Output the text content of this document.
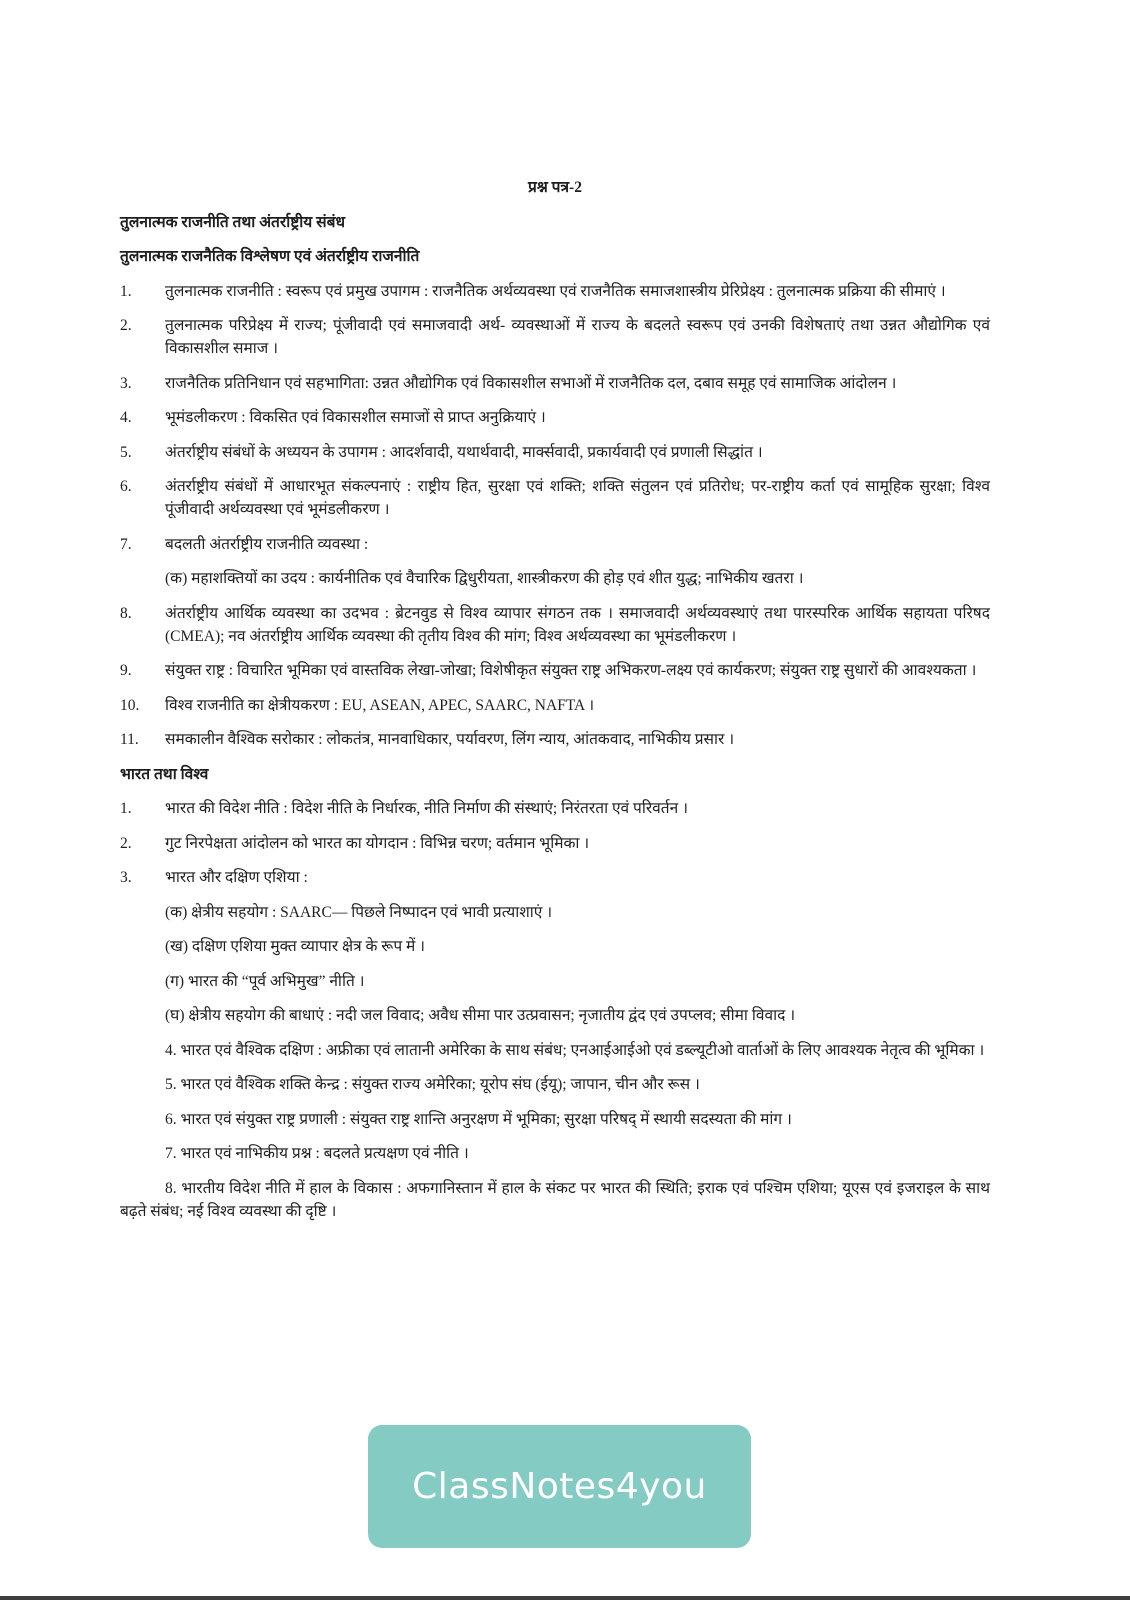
प्रश्न पत्र-2
तुलनात्मक राजनीति तथा अंतर्राष्ट्रीय संबंध
तुलनात्मक राजनैतिक विश्लेषण एवं अंतर्राष्ट्रीय राजनीति
1.	तुलनात्मक राजनीति : स्वरूप एवं प्रमुख उपागम : राजनैतिक अर्थव्यवस्था एवं राजनैतिक समाजशास्त्रीय प्रेरिप्रेक्ष्य : तुलनात्मक प्रक्रिया की सीमाएं ।
2.	तुलनात्मक परिप्रेक्ष्य में राज्य; पूंजीवादी एवं समाजवादी अर्थ- व्यवस्थाओं में राज्य के बदलते स्वरूप एवं उनकी विशेषताएं तथा उन्नत औद्योगिक एवं विकासशील समाज ।
3.	राजनैतिक प्रतिनिधान एवं सहभागिता: उन्नत औद्योगिक एवं विकासशील सभाओं में राजनैतिक दल, दबाव समूह एवं सामाजिक आंदोलन ।
4.	भूमंडलीकरण : विकसित एवं विकासशील समाजों से प्राप्त अनुक्रियाएं ।
5.	अंतर्राष्ट्रीय संबंधों के अध्ययन के उपागम : आदर्शवादी, यथार्थवादी, मार्क्सवादी, प्रकार्यवादी एवं प्रणाली सिद्धांत ।
6.	अंतर्राष्ट्रीय संबंधों में आधारभूत संकल्पनाएं : राष्ट्रीय हित, सुरक्षा एवं शक्ति; शक्ति संतुलन एवं प्रतिरोध; पर-राष्ट्रीय कर्ता एवं सामूहिक सुरक्षा; विश्व पूंजीवादी अर्थव्यवस्था एवं भूमंडलीकरण ।
7.	बदलती अंतर्राष्ट्रीय राजनीति व्यवस्था :
(क) महाशक्तियों का उदय : कार्यनीतिक एवं वैचारिक द्विधुरीयता, शास्त्रीकरण की होड़ एवं शीत युद्ध; नाभिकीय खतरा ।
8.	अंतर्राष्ट्रीय आर्थिक व्यवस्था का उदभव : ब्रेटनवुड से विश्व व्यापार संगठन तक । समाजवादी अर्थव्यवस्थाएं तथा पारस्परिक आर्थिक सहायता परिषद (CMEA); नव अंतर्राष्ट्रीय आर्थिक व्यवस्था की तृतीय विश्व की मांग; विश्व अर्थव्यवस्था का भूमंडलीकरण ।
9.	संयुक्त राष्ट्र : विचारित भूमिका एवं वास्तविक लेखा-जोखा; विशेषीकृत संयुक्त राष्ट्र अभिकरण-लक्ष्य एवं कार्यकरण; संयुक्त राष्ट्र सुधारों की आवश्यकता ।
10.	विश्व राजनीति का क्षेत्रीयकरण : EU, ASEAN, APEC, SAARC, NAFTA ।
11.	समकालीन वैश्विक सरोकार : लोकतंत्र, मानवाधिकार, पर्यावरण, लिंग न्याय, आंतकवाद, नाभिकीय प्रसार ।
भारत तथा विश्व
1.	भारत की विदेश नीति : विदेश नीति के निर्धारक, नीति निर्माण की संस्थाएं; निरंतरता एवं परिवर्तन ।
2.	गुट निरपेक्षता आंदोलन को भारत का योगदान : विभिन्न चरण; वर्तमान भूमिका ।
3.	भारत और दक्षिण एशिया :
(क) क्षेत्रीय सहयोग : SAARC— पिछले निष्पादन एवं भावी प्रत्याशाएं ।
(ख) दक्षिण एशिया मुक्त व्यापार क्षेत्र के रूप में ।
(ग) भारत की “पूर्व अभिमुख” नीति ।
(घ) क्षेत्रीय सहयोग की बाधाएं : नदी जल विवाद; अवैध सीमा पार उत्प्रवासन; नृजातीय द्वंद एवं उपप्लव; सीमा विवाद ।
4. भारत एवं वैश्विक दक्षिण : अफ्रीका एवं लातानी अमेरिका के साथ संबंध; एनआईआईओ एवं डब्ल्यूटीओ वार्ताओं के लिए आवश्यक नेतृत्व की भूमिका ।
5. भारत एवं वैश्विक शक्ति केन्द्र : संयुक्त राज्य अमेरिका; यूरोप संघ (ईयू); जापान, चीन और रूस ।
6. भारत एवं संयुक्त राष्ट्र प्रणाली : संयुक्त राष्ट्र शान्ति अनुरक्षण में भूमिका; सुरक्षा परिषद् में स्थायी सदस्यता की मांग ।
7. भारत एवं नाभिकीय प्रश्न : बदलते प्रत्यक्षण एवं नीति ।
8. भारतीय विदेश नीति में हाल के विकास : अफगानिस्तान में हाल के संकट पर भारत की स्थिति; इराक एवं पश्चिम एशिया; यूएस एवं इजराइल के साथ बढ़ते संबंध; नई विश्व व्यवस्था की दृष्टि ।
ClassNotes4you
